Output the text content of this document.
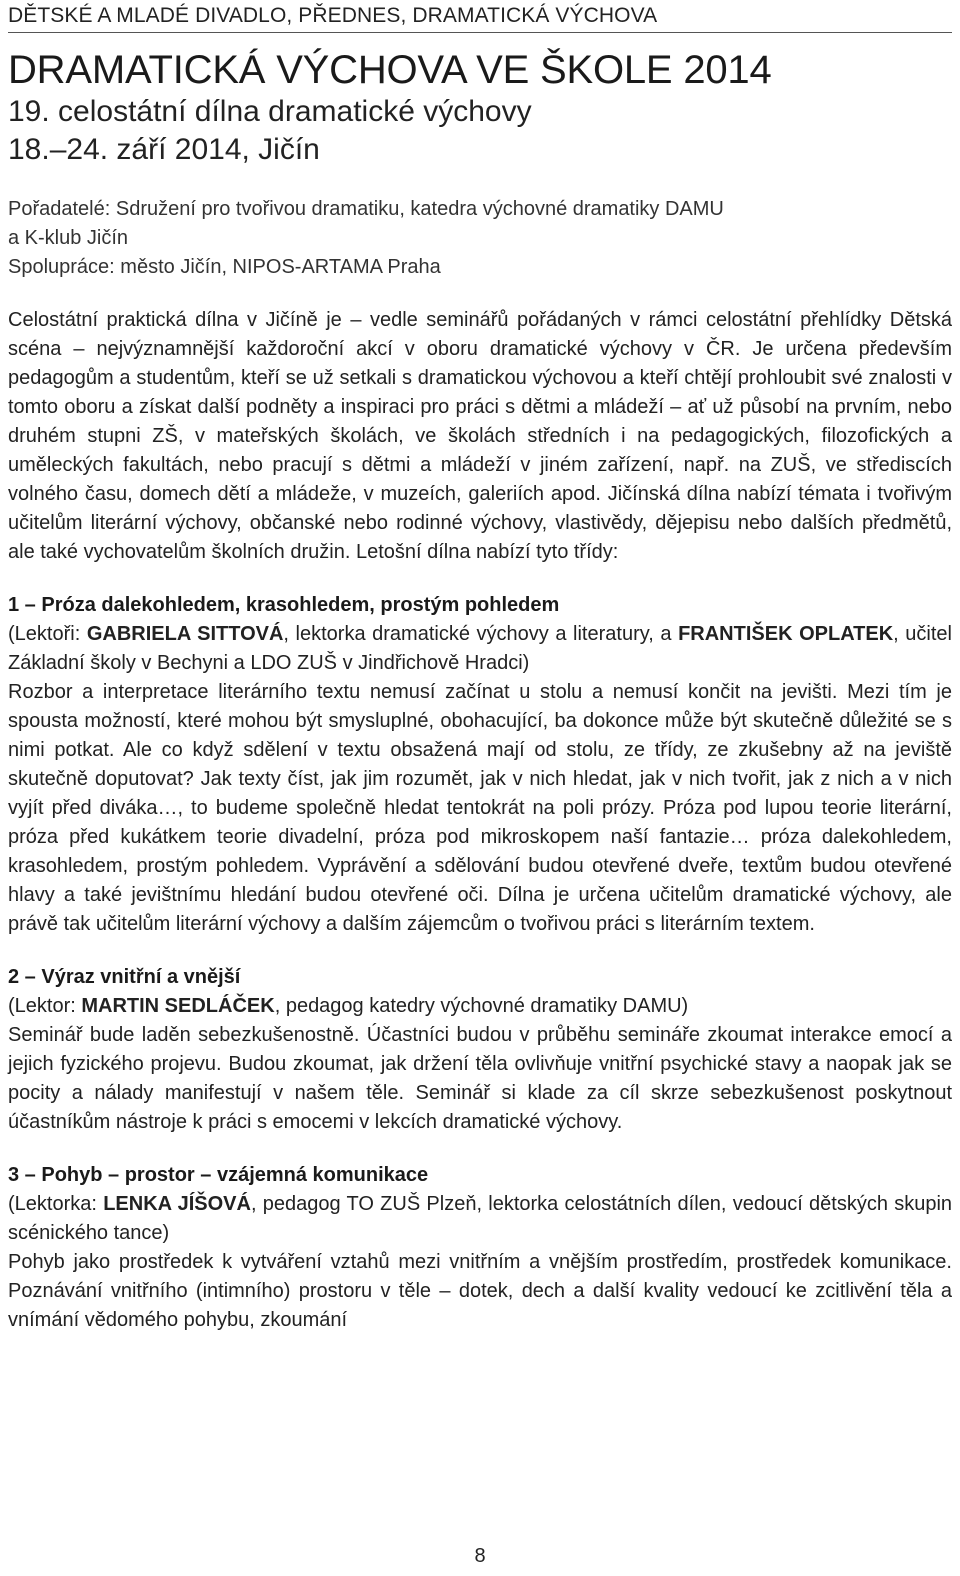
DĚTSKÉ A MLADÉ DIVADLO, PŘEDNES, DRAMATICKÁ VÝCHOVA
DRAMATICKÁ VÝCHOVA VE ŠKOLE 2014
19. celostátní dílna dramatické výchovy
18.–24. září 2014, Jičín
Pořadatelé: Sdružení pro tvořivou dramatiku, katedra výchovné dramatiky DAMU
a K-klub Jičín
Spolupráce: město Jičín, NIPOS-ARTAMA Praha
Celostátní praktická dílna v Jičíně je – vedle seminářů pořádaných v rámci celostátní přehlídky Dětská scéna – nejvýznamnější každoroční akcí v oboru dramatické výchovy v ČR. Je určena především pedagogům a studentům, kteří se už setkali s dramatickou výchovou a kteří chtějí prohloubit své znalosti v tomto oboru a získat další podněty a inspiraci pro práci s dětmi a mládeží – ať už působí na prvním, nebo druhém stupni ZŠ, v mateřských školách, ve školách středních i na pedagogických, filozofických a uměleckých fakultách, nebo pracují s dětmi a mládeží v jiném zařízení, např. na ZUŠ, ve střediscích volného času, domech dětí a mládeže, v muzeích, galeriích apod. Jičínská dílna nabízí témata i tvořivým učitelům literární výchovy, občanské nebo rodinné výchovy, vlastivědy, dějepisu nebo dalších předmětů, ale také vychovatelům školních družin. Letošní dílna nabízí tyto třídy:
1 – Próza dalekohledem, krasohledem, prostým pohledem
(Lektoři: GABRIELA SITTOVÁ, lektorka dramatické výchovy a literatury, a FRANTIŠEK OPLATEK, učitel Základní školy v Bechyni a LDO ZUŠ v Jindřichově Hradci)
Rozbor a interpretace literárního textu nemusí začínat u stolu a nemusí končit na jevišti. Mezi tím je spousta možností, které mohou být smysluplné, obohacující, ba dokonce může být skutečně důležité se s nimi potkat. Ale co když sdělení v textu obsažená mají od stolu, ze třídy, ze zkušebny až na jeviště skutečně doputovat? Jak texty číst, jak jim rozumět, jak v nich hledat, jak v nich tvořit, jak z nich a v nich vyjít před diváka…, to budeme společně hledat tentokrát na poli prózy. Próza pod lupou teorie literární, próza před kukátkem teorie divadelní, próza pod mikroskopem naší fantazie… próza dalekohledem, krasohledem, prostým pohledem. Vyprávění a sdělování budou otevřené dveře, textům budou otevřené hlavy a také jevištnímu hledání budou otevřené oči. Dílna je určena učitelům dramatické výchovy, ale právě tak učitelům literární výchovy a dalším zájemcům o tvořivou práci s literárním textem.
2 – Výraz vnitřní a vnější
(Lektor: MARTIN SEDLÁČEK, pedagog katedry výchovné dramatiky DAMU)
Seminář bude laděn sebezkušenostně. Účastníci budou v průběhu semináře zkoumat interakce emocí a jejich fyzického projevu. Budou zkoumat, jak držení těla ovlivňuje vnitřní psychické stavy a naopak jak se pocity a nálady manifestují v našem těle. Seminář si klade za cíl skrze sebezkušenost poskytnout účastníkům nástroje k práci s emocemi v lekcích dramatické výchovy.
3 – Pohyb – prostor – vzájemná komunikace
(Lektorka: LENKA JÍŠOVÁ, pedagog TO ZUŠ Plzeň, lektorka celostátních dílen, vedoucí dětských skupin scénického tance)
Pohyb jako prostředek k vytváření vztahů mezi vnitřním a vnějším prostředím, prostředek komunikace. Poznávání vnitřního (intimního) prostoru v těle – dotek, dech a další kvality vedoucí ke zcitlivění těla a vnímání vědomého pohybu, zkoumání
8
